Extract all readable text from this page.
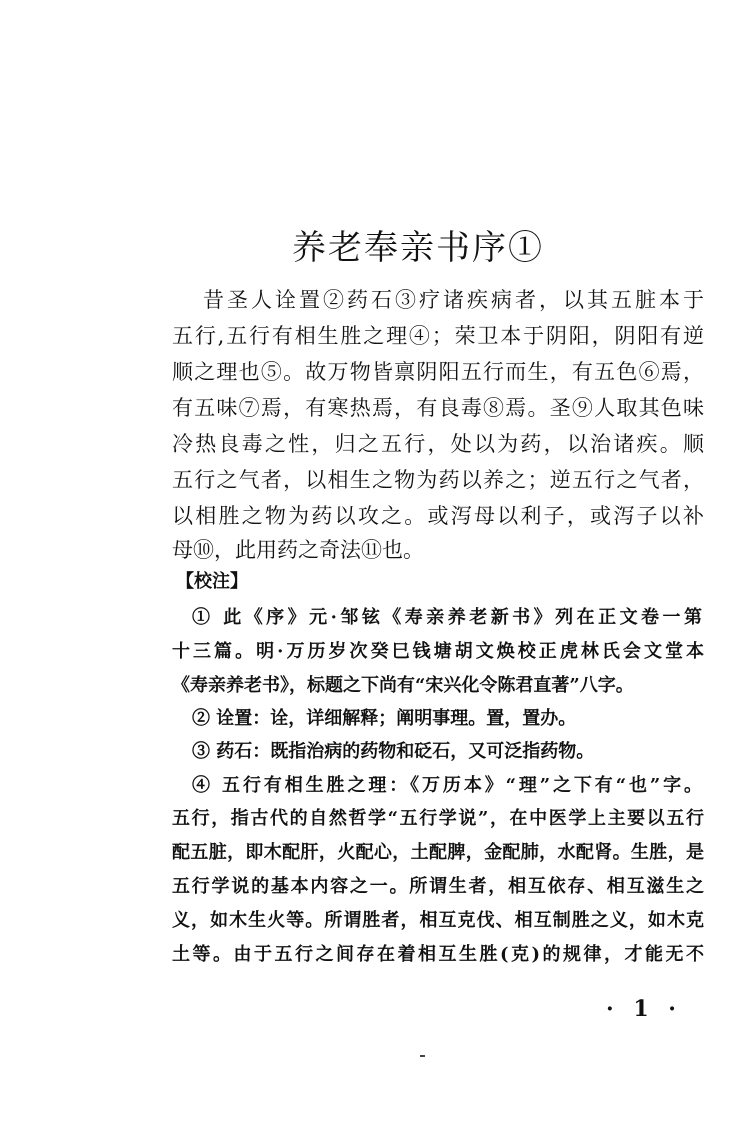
养老奉亲书序①
昔圣人诠置②药石③疗诸疾病者，以其五脏本于
五行,五行有相生胜之理④；荣卫本于阴阳，阴阳有逆
顺之理也⑤。故万物皆禀阴阳五行而生，有五色⑥焉，
有五味⑦焉，有寒热焉，有良毒⑧焉。圣⑨人取其色味
冷热良毒之性，归之五行，处以为药，以治诸疾。顺
五行之气者，以相生之物为药以养之；逆五行之气者，
以相胜之物为药以攻之。或泻母以利子，或泻子以补
母⑩，此用药之奇法⑪也。
【校注】
① 此《序》元·邹铉《寿亲养老新书》列在正文卷一第
十三篇。明·万历岁次癸巳钱塘胡文焕校正虎林氏会文堂本
《寿亲养老书》，标题之下尚有“宋兴化令陈君直著”八字。
② 诠置：诠，详细解释；阐明事理。置，置办。
③ 药石：既指治病的药物和砭石，又可泛指药物。
④ 五行有相生胜之理：《万历本》“理”之下有“也”字。
五行，指古代的自然哲学“五行学说”，在中医学上主要以五行
配五脏，即木配肝，火配心，土配脾，金配肺，水配肾。生胜，是
五行学说的基本内容之一。所谓生者，相互依存、相互滋生之
义，如木生火等。所谓胜者，相互克伐、相互制胜之义，如木克
土等。由于五行之间存在着相互生胜(克)的规律，才能无不
· 1 ·
